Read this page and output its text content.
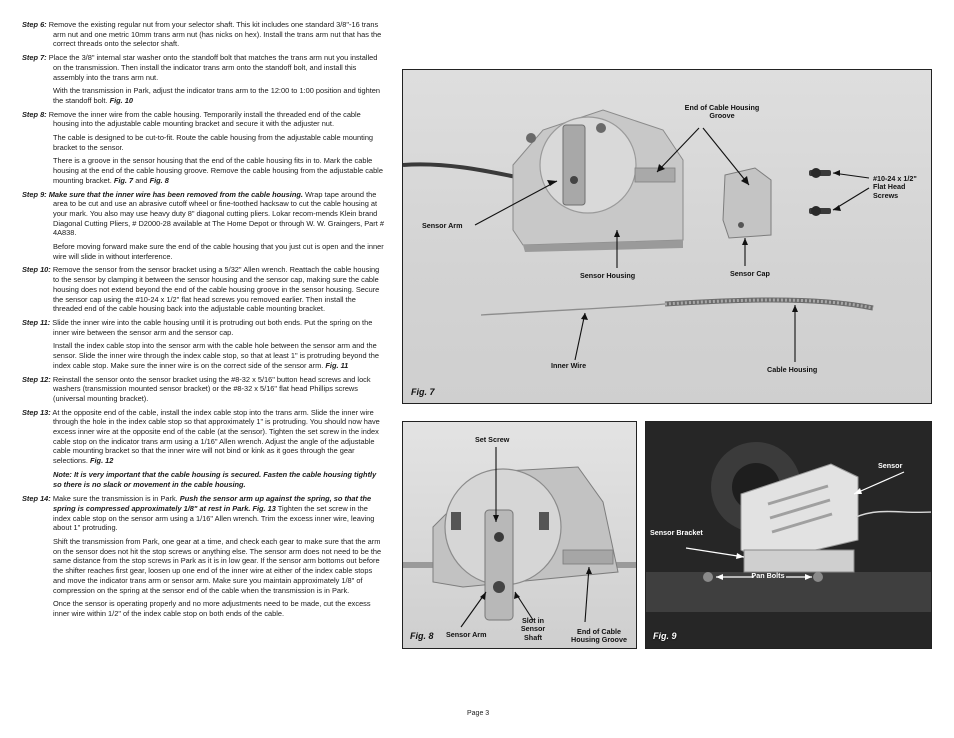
Step 6: Remove the existing regular nut from your selector shaft. This kit includes one standard 3/8"-16 trans arm nut and one metric 10mm trans arm nut (has nicks on hex). Install the trans arm nut that has the correct threads onto the selector shaft.

Step 7: Place the 3/8" internal star washer onto the standoff bolt that matches the trans arm nut you installed on the transmission. Then install the indicator trans arm onto the standoff bolt, and install this assembly into the trans arm nut.

With the transmission in Park, adjust the indicator trans arm to the 12:00 to 1:00 position and tighten the standoff bolt. Fig. 10

Step 8: Remove the inner wire from the cable housing. Temporarily install the threaded end of the cable housing into the adjustable cable mounting bracket and secure it with the adjuster nut.

The cable is designed to be cut-to-fit. Route the cable housing from the adjustable cable mounting bracket to the sensor.

There is a groove in the sensor housing that the end of the cable housing fits in to. Mark the cable housing at the end of the cable housing groove. Remove the cable housing from the adjustable cable mounting bracket. Fig. 7 and Fig. 8

Step 9: Make sure that the inner wire has been removed from the cable housing. Wrap tape around the area to be cut and use an abrasive cutoff wheel or fine-toothed hacksaw to cut the cable housing at your mark. You also may use heavy duty 8" diagonal cutting pliers. Lokar recom-mends Klein brand Diagonal Cutting Pliers, # D2000-28 available at The Home Depot or through W. W. Graingers, Part # 4A838.

Before moving forward make sure the end of the cable housing that you just cut is open and the inner wire will slide in without interference.

Step 10: Remove the sensor from the sensor bracket using a 5/32" Allen wrench. Reattach the cable housing to the sensor by clamping it between the sensor housing and the sensor cap, making sure the cable housing does not extend beyond the end of the cable housing groove in the sensor housing. Secure the sensor cap using the #10-24 x 1/2" flat head screws you removed earlier. Then install the threaded end of the cable housing back into the adjustable cable mounting bracket.

Step 11: Slide the inner wire into the cable housing until it is protruding out both ends. Put the spring on the inner wire between the sensor arm and the sensor cap.

Install the index cable stop into the sensor arm with the cable hole between the sensor arm and the sensor. Slide the inner wire through the index cable stop, so that at least 1" is protruding beyond the index cable stop. Make sure the inner wire is on the correct side of the sensor arm. Fig. 11

Step 12: Reinstall the sensor onto the sensor bracket using the #8-32 x 5/16" button head screws and lock washers (transmission mounted sensor bracket) or the #8-32 x 5/16" flat head Phillips screws (universal mounting bracket).

Step 13: At the opposite end of the cable, install the index cable stop into the trans arm. Slide the inner wire through the hole in the index cable stop so that approximately 1" is protruding. You should now have excess inner wire at the opposite end of the cable (at the sensor). Tighten the set screw in the index cable stop on the indicator trans arm using a 1/16" Allen wrench. Adjust the angle of the adjustable cable mounting bracket so that the inner wire will not bind or kink as it goes through the gear selections. Fig. 12

Note: It is very important that the cable housing is secured. Fasten the cable housing tightly so there is no slack or movement in the cable housing.

Step 14: Make sure the transmission is in Park. Push the sensor arm up against the spring, so that the spring is compressed approximately 1/8" at rest in Park. Fig. 13 Tighten the set screw in the index cable stop on the sensor arm using a 1/16" Allen wrench. Trim the excess inner wire, leaving about 1" protruding.

Shift the transmission from Park, one gear at a time, and check each gear to make sure that the arm on the sensor does not hit the stop screws or anything else. The sensor arm does not need to be the same distance from the stop screws in Park as it is in low gear. If the sensor arm bottoms out before the shifter reaches first gear, loosen up one end of the inner wire at either of the index cable stops and move the indicator trans arm or sensor arm. Make sure you maintain approximately 1/8" of compression on the spring at the sensor end of the cable when the transmission is in Park.

Once the sensor is operating properly and no more adjustments need to be made, cut the excess inner wire within 1/2" of the index cable stop on both ends of the cable.

End of Cable Housing Groove
#10-24 x 1/2" Flat Head Screws
Sensor Arm
Sensor Housing	Sensor Cap
Inner Wire	Cable Housing
Fig. 7
Set Screw
Sensor Arm
Slot in Sensor Shaft
End of Cable Housing Groove
Fig. 8
Sensor
Sensor Bracket
Pan Bolts
Fig. 9
Page 3
